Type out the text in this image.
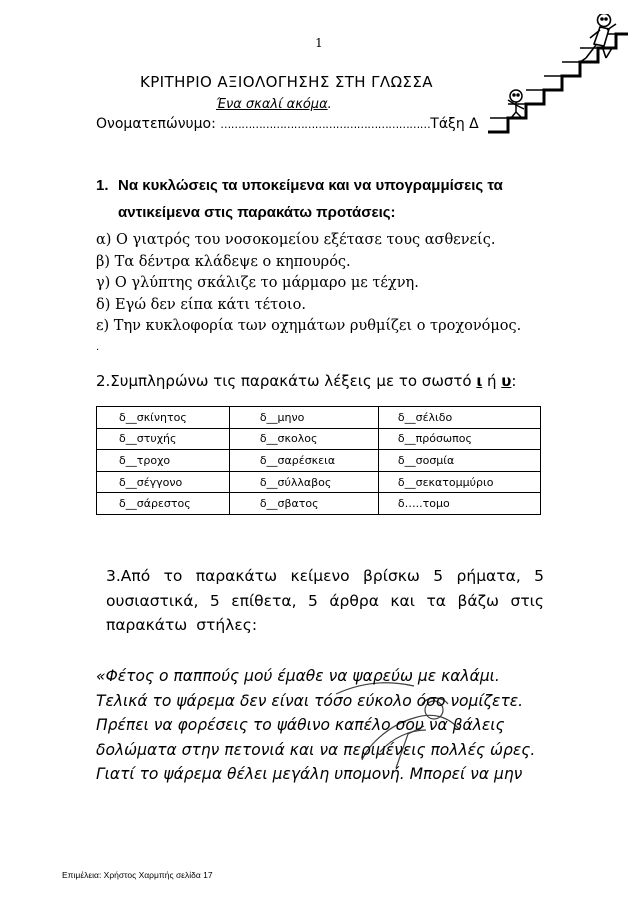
1
ΚΡΙΤΗΡΙΟ ΑΞΙΟΛΟΓΗΣΗΣ ΣΤΗ ΓΛΩΣΣΑ
Ένα σκαλί ακόμα.
Ονοματεπώνυμο: ……………………………………………………Τάξη Δ
1. Να κυκλώσεις τα υποκείμενα και να υπογραμμίσεις τα
αντικείμενα στις παρακάτω προτάσεις:
α) Ο γιατρός του νοσοκομείου εξέτασε τους ασθενείς.
β) Τα δέντρα κλάδεψε ο κηπουρός.
γ) Ο γλύπτης σκάλιζε το μάρμαρο με τέχνη.
δ) Εγώ δεν είπα κάτι τέτοιο.
ε) Την κυκλοφορία των οχημάτων ρυθμίζει ο τροχονόμος.
.
2.Συμπληρώνω τις παρακάτω λέξεις με το σωστό ι ή υ:
δ__σκίνητος	δ__μηνο	δ__σέλιδο
δ__στυχής	δ__σκολος	δ__πρόσωπος
δ__τροχο	δ__σαρέσκεια	δ__σοσμία
δ__σέγγονο	δ__σύλλαβος	δ__σεκατομμύριο
δ__σάρεστος	δ__σβατος	δ…..τομο
3.Από το παρακάτω κείμενο βρίσκω 5 ρήματα, 5 ουσιαστικά, 5 επίθετα, 5 άρθρα και τα βάζω στις παρακάτω στήλες:
«Φέτος ο παππούς μού έμαθε να ψαρεύω με καλάμι.
Τελικά το ψάρεμα δεν είναι τόσο εύκολο όσο νομίζετε.
Πρέπει να φορέσεις το ψάθινο καπέλο σου να βάλεις
δολώματα στην πετονιά και να περιμένεις πολλές ώρες.
Γιατί το ψάρεμα θέλει μεγάλη υπομονή. Μπορεί να μην
Επιμέλεια: Χρήστος Χαρμπής σελίδα 17
